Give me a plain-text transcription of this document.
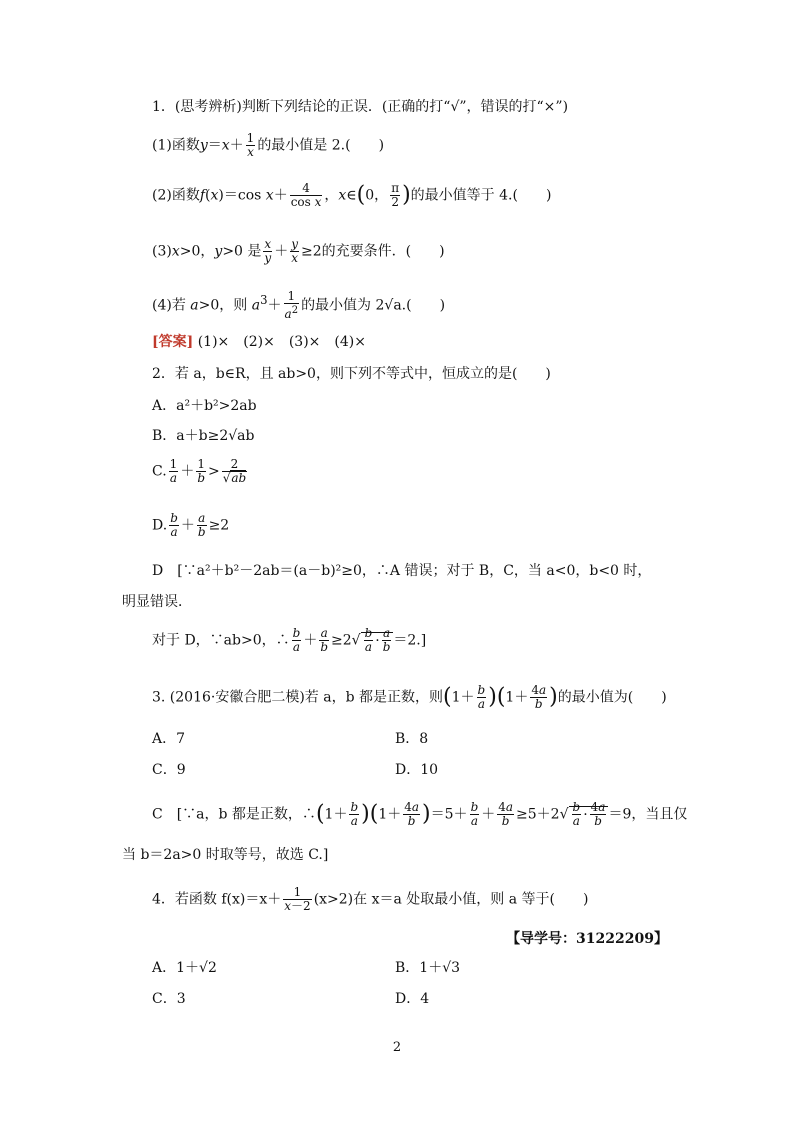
1．(思考辨析)判断下列结论的正误．(正确的打“√”，错误的打“×”)
(1)函数$y=x+ \frac{1}{x}$ 的最小值是 2.(　　)
(2)函数f(x)＝cos $x+ \frac{4}{\text{cos x}}$ ，x∈(0， $\frac{\pi}{2}$ )的最小值等于 4.(　　)
(3)x>0，y>0 是 $\frac{x}{y} + \frac{y}{x} \ge 2$的充要条件．(　　)
(4)若 a>0，则 $a^3+ \frac{1}{a^2}$ 的最小值为 2√a.(　　)
[答案] (1)×　(2)×　(3)×　(4)×
2．若 a，b∈R，且 ab>0，则下列不等式中，恒成立的是(　　)
A．a²＋b²>2ab
B．a＋b≥2√ab
C. $\frac{1}{a} + \frac{1}{b} > \frac{2}{√ab}$
D. $\frac{b}{a} + \frac{a}{b} \ge 2$
D　[∵a²＋b²－2ab＝(a－b)²≥0，∴A 错误；对于 B，C，当 a<0，b<0 时，
明显错误．
对于 D，∵ab>0，∴ $\frac{b}{a} + \frac{a}{b} \ge 2√ \frac{b}{a} \cdot \frac{a}{b} =2$.]
3. (2016·安徽合肥二模)若 a，b 都是正数，则$(1+ \frac{b}{a} )(1+ \frac{4a}{b}$ )的最小值为(　　)
A．7	B．8
C．9	D．10
C　[∵a，b 都是正数，∴(1＋ $\frac{b}{a} )(1+ \frac{4a}{b} )=5+ \frac{b}{a} + \frac{4a}{b} \ge 5+2√ \frac{b}{a} \cdot \frac{4a}{b} =9$，当且仅
当 b＝2a>0 时取等号，故选 C.]
4．若函数 $f(x)=x+ \frac{1}{x-2} (x>2)$在 x＝a 处取最小值，则 a 等于(　　)
【导学号：31222209】
A．1＋√2	B．1＋√3
C．3	D．4
2
